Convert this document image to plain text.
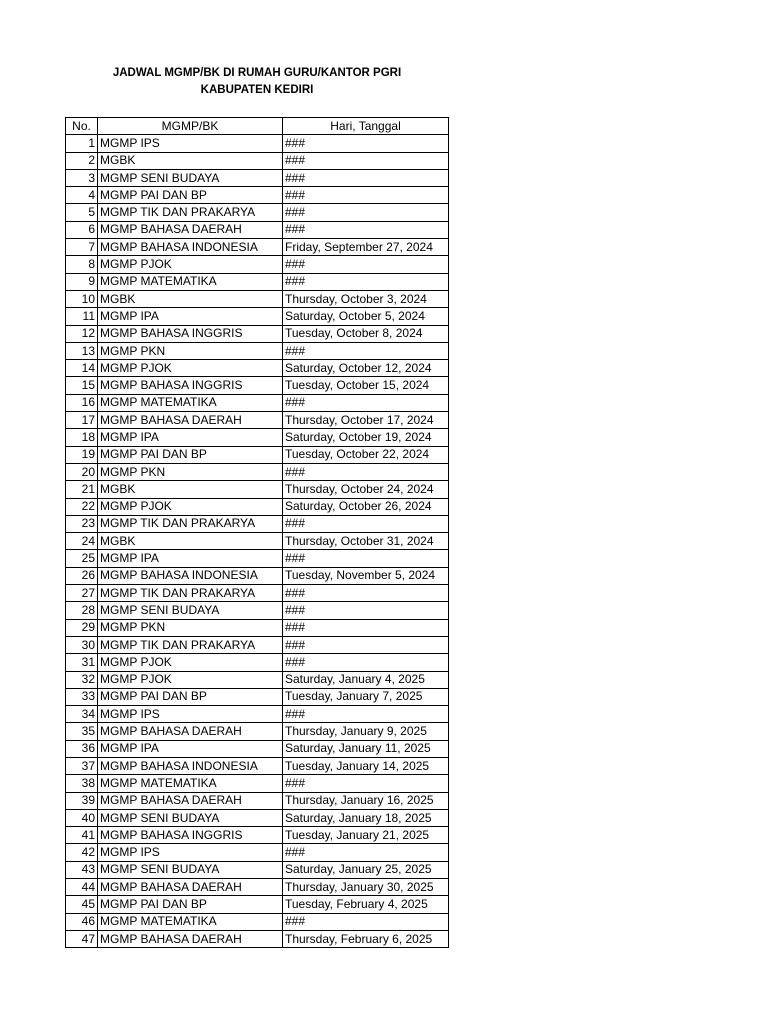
JADWAL MGMP/BK DI RUMAH GURU/KANTOR PGRI
KABUPATEN KEDIRI
No.	MGMP/BK	Hari, Tanggal
1	MGMP IPS	###
2	MGBK	###
3	MGMP SENI BUDAYA	###
4	MGMP PAI DAN BP	###
5	MGMP TIK DAN PRAKARYA	###
6	MGMP BAHASA DAERAH	###
7	MGMP BAHASA INDONESIA	Friday, September 27, 2024
8	MGMP PJOK	###
9	MGMP MATEMATIKA	###
10	MGBK	Thursday, October 3, 2024
11	MGMP IPA	Saturday, October 5, 2024
12	MGMP BAHASA INGGRIS	Tuesday, October 8, 2024
13	MGMP PKN	###
14	MGMP PJOK	Saturday, October 12, 2024
15	MGMP BAHASA INGGRIS	Tuesday, October 15, 2024
16	MGMP MATEMATIKA	###
17	MGMP BAHASA DAERAH	Thursday, October 17, 2024
18	MGMP IPA	Saturday, October 19, 2024
19	MGMP PAI DAN BP	Tuesday, October 22, 2024
20	MGMP PKN	###
21	MGBK	Thursday, October 24, 2024
22	MGMP PJOK	Saturday, October 26, 2024
23	MGMP TIK DAN PRAKARYA	###
24	MGBK	Thursday, October 31, 2024
25	MGMP IPA	###
26	MGMP BAHASA INDONESIA	Tuesday, November 5, 2024
27	MGMP TIK DAN PRAKARYA	###
28	MGMP SENI BUDAYA	###
29	MGMP PKN	###
30	MGMP TIK DAN PRAKARYA	###
31	MGMP PJOK	###
32	MGMP PJOK	Saturday, January 4, 2025
33	MGMP PAI DAN BP	Tuesday, January 7, 2025
34	MGMP IPS	###
35	MGMP BAHASA DAERAH	Thursday, January 9, 2025
36	MGMP IPA	Saturday, January 11, 2025
37	MGMP BAHASA INDONESIA	Tuesday, January 14, 2025
38	MGMP MATEMATIKA	###
39	MGMP BAHASA DAERAH	Thursday, January 16, 2025
40	MGMP SENI BUDAYA	Saturday, January 18, 2025
41	MGMP BAHASA INGGRIS	Tuesday, January 21, 2025
42	MGMP IPS	###
43	MGMP SENI BUDAYA	Saturday, January 25, 2025
44	MGMP BAHASA DAERAH	Thursday, January 30, 2025
45	MGMP PAI DAN BP	Tuesday, February 4, 2025
46	MGMP MATEMATIKA	###
47	MGMP BAHASA DAERAH	Thursday, February 6, 2025
